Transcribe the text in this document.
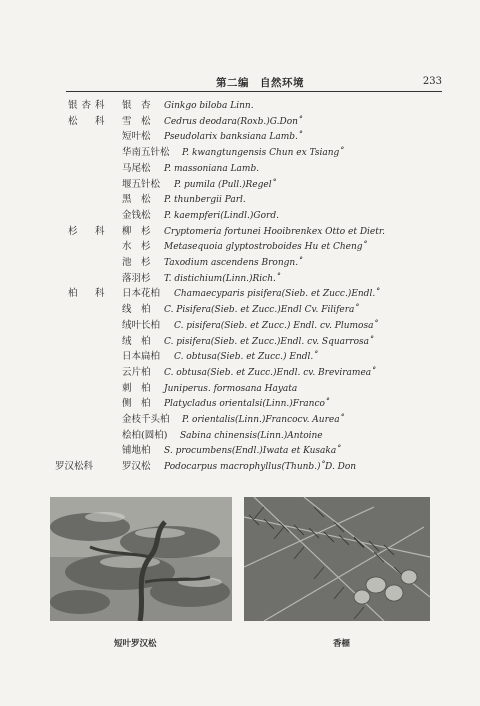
第二编　自然环境	233
银杏科 银　杏 Ginkgo biloba Linn.
松　科 雪　松 Cedrus deodara(Roxb.)G.Don˚
短叶松 Pseudolarix banksiana Lamb.˚
华南五针松 P. kwangtungensis Chun ex Tsiang˚
马尾松 P. massoniana Lamb.
堰五针松 P. pumila (Pull.)Regel˚
黑　松 P. thunbergii Parl.
金钱松 P. kaempferi(Lindl.)Gord.
杉　科 柳　杉 Cryptomeria fortunei Hooibrenkex Otto et Dietr.
水　杉 Metasequoia glyptostroboides Hu et Cheng˚
池　杉 Taxodium ascendens Brongn.˚
落羽杉 T. distichium(Linn.)Rich.˚
柏　科 日本花柏 Chamaecyparis pisifera(Sieb. et Zucc.)Endl.˚
线　柏 C. Pisifera(Sieb. et Zucc.)Endl Cv. Filifera˚
绒叶长柏 C. pisifera(Sieb. et Zucc.) Endl. cv. Plumosa˚
绒　柏 C. pisifera(Sieb. et Zucc.)Endl. cv. Squarrosa˚
日本扁柏 C. obtusa(Sieb. et Zucc.) Endl.˚
云片柏 C. obtusa(Sieb. et Zucc.)Endl. cv. Breviramea˚
刺　柏 Juniperus. formosana Hayata
侧　柏 Platycladus orientalsi(Linn.)Franco˚
金枝千头柏 P. orientalis(Linn.)Francocv. Aurea˚
桧柏(圆柏) Sabina chinensis(Linn.)Antoine
铺地柏 S. procumbens(Endl.)Iwata et Kusaka˚
罗汉松科	罗汉松 Podocarpus macrophyllus(Thunb.)˚D. Don
短叶罗汉松	香榧
